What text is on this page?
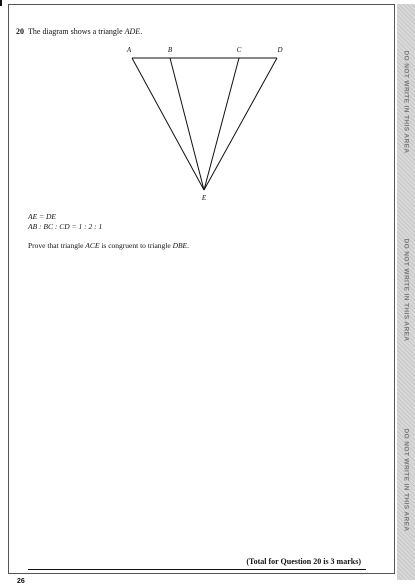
DO NOT WRITE IN THIS AREA
DO NOT WRITE IN THIS AREA
DO NOT WRITE IN THIS AREA
20 The diagram shows a triangle ADE.
A	B	C	D
E
AE = DE
AB : BC : CD = 1 : 2 : 1
Prove that triangle ACE is congruent to triangle DBE.
(Total for Question 20 is 3 marks)
26
